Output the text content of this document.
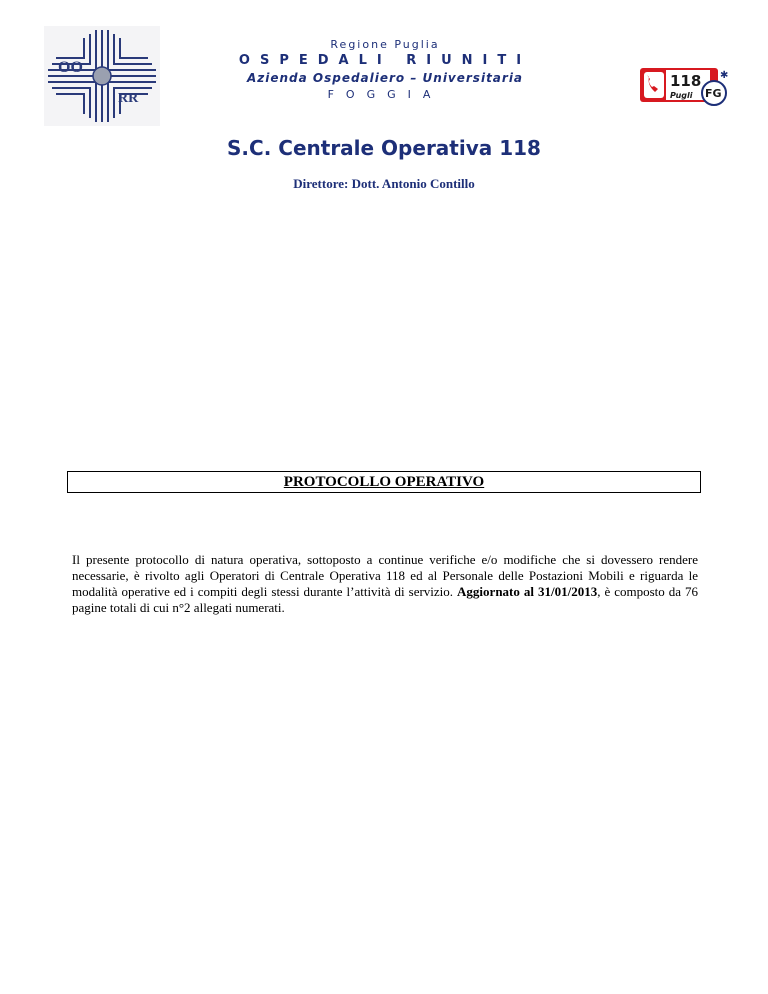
OO
RR
Regione Puglia
OSPEDALI RIUNITI
Azienda Ospedaliero – Universitaria
FOGGIA
118
Pugli FG
✱
S.C. Centrale Operativa 118
Direttore: Dott. Antonio Contillo
PROTOCOLLO OPERATIVO
Il presente protocollo di natura operativa, sottoposto a continue verifiche e/o modifiche che si dovessero rendere necessarie, è rivolto agli Operatori di Centrale Operativa 118 ed al Personale delle Postazioni Mobili e riguarda le modalità operative ed i compiti degli stessi durante l’attività di servizio. Aggiornato al 31/01/2013, è composto da 76 pagine totali di cui n°2 allegati numerati.
